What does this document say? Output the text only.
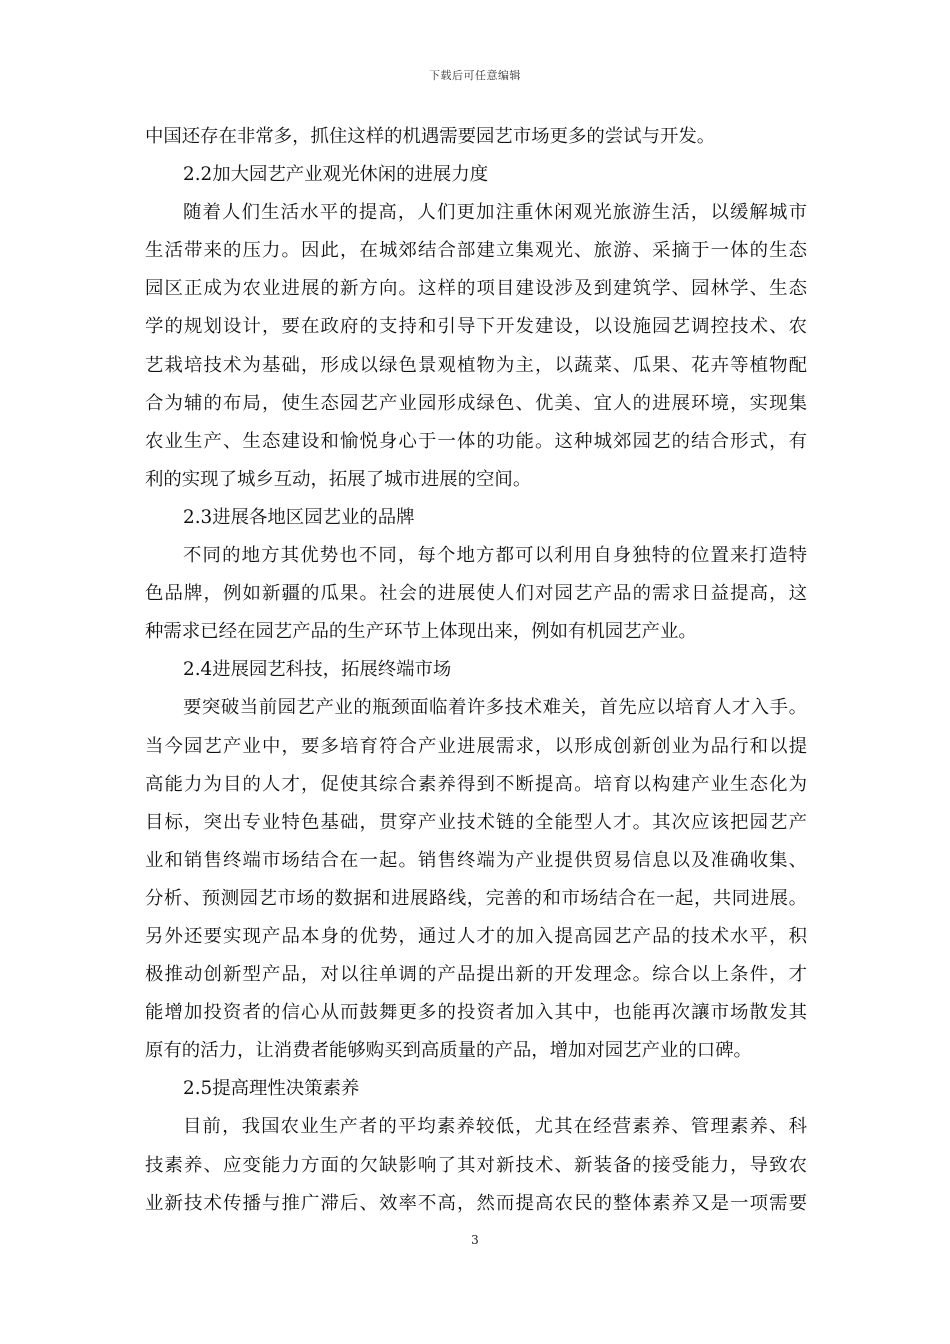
下载后可任意编辑
中国还存在非常多，抓住这样的机遇需要园艺市场更多的尝试与开发。
2.2加大园艺产业观光休闲的进展力度
随着人们生活水平的提高，人们更加注重休闲观光旅游生活，以缓解城市
生活带来的压力。因此，在城郊结合部建立集观光、旅游、采摘于一体的生态
园区正成为农业进展的新方向。这样的项目建设涉及到建筑学、园林学、生态
学的规划设计，要在政府的支持和引导下开发建设，以设施园艺调控技术、农
艺栽培技术为基础，形成以绿色景观植物为主，以蔬菜、瓜果、花卉等植物配
合为辅的布局，使生态园艺产业园形成绿色、优美、宜人的进展环境，实现集
农业生产、生态建设和愉悦身心于一体的功能。这种城郊园艺的结合形式，有
利的实现了城乡互动，拓展了城市进展的空间。
2.3进展各地区园艺业的品牌
不同的地方其优势也不同，每个地方都可以利用自身独特的位置来打造特
色品牌，例如新疆的瓜果。社会的进展使人们对园艺产品的需求日益提高，这
种需求已经在园艺产品的生产环节上体现出来，例如有机园艺产业。
2.4进展园艺科技，拓展终端市场
要突破当前园艺产业的瓶颈面临着许多技术难关，首先应以培育人才入手。
当今园艺产业中，要多培育符合产业进展需求，以形成创新创业为品行和以提
高能力为目的人才，促使其综合素养得到不断提高。培育以构建产业生态化为
目标，突出专业特色基础，贯穿产业技术链的全能型人才。其次应该把园艺产
业和销售终端市场结合在一起。销售终端为产业提供贸易信息以及准确收集、
分析、预测园艺市场的数据和进展路线，完善的和市场结合在一起，共同进展。
另外还要实现产品本身的优势，通过人才的加入提高园艺产品的技术水平，积
极推动创新型产品，对以往单调的产品提出新的开发理念。综合以上条件，才
能增加投资者的信心从而鼓舞更多的投资者加入其中，也能再次讓市场散发其
原有的活力，让消费者能够购买到高质量的产品，增加对园艺产业的口碑。
2.5提高理性决策素养
目前，我国农业生产者的平均素养较低，尤其在经营素养、管理素养、科
技素养、应变能力方面的欠缺影响了其对新技术、新装备的接受能力，导致农
业新技术传播与推广滞后、效率不高，然而提高农民的整体素养又是一项需要
3
